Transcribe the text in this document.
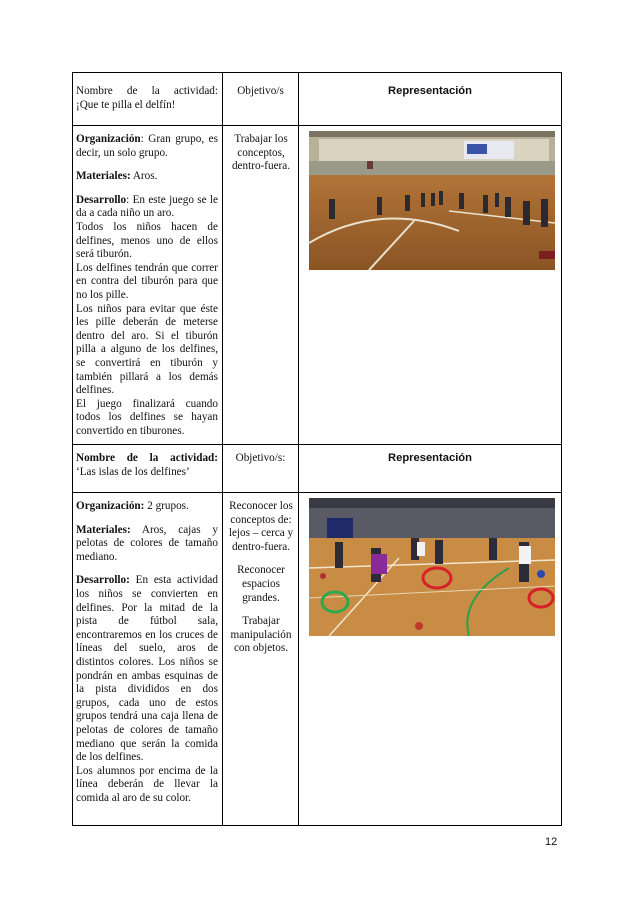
Nombre de la actividad:

¡Que te pilla el delfín!

Objetivo/s	Representación

Organización: Gran grupo, es decir, un solo grupo.

Materiales: Aros.

Desarrollo: En este juego se le da a cada niño un aro.

Todos los niños hacen de delfines, menos uno de ellos será tiburón.

Los delfines tendrán que correr en contra del tiburón para que no los pille.

Los niños para evitar que éste les pille deberán de meterse dentro del aro. Si el tiburón pilla a alguno de los delfines, se convertirá en tiburón y también pillará a los demás delfines.

El juego finalizará cuando todos los delfines se hayan convertido en tiburones.

Trabajar los conceptos, dentro-fuera.

Nombre de la actividad:

‘Las islas de los delfines’

Objetivo/s:	Representación

Organización: 2 grupos.

Materiales: Aros, cajas y pelotas de colores de tamaño mediano.

Desarrollo: En esta actividad los niños se convierten en delfines. Por la mitad de la pista de fútbol sala, encontraremos en los cruces de líneas del suelo, aros de distintos colores. Los niños se pondrán en ambas esquinas de la pista divididos en dos grupos, cada uno de estos grupos tendrá una caja llena de pelotas de colores de tamaño mediano que serán la comida de los delfines.

Los alumnos por encima de la línea deberán de llevar la comida al aro de su color.

Reconocer los conceptos de: lejos – cerca y dentro-fuera.

Reconocer espacios grandes.

Trabajar manipulación con objetos.

12
